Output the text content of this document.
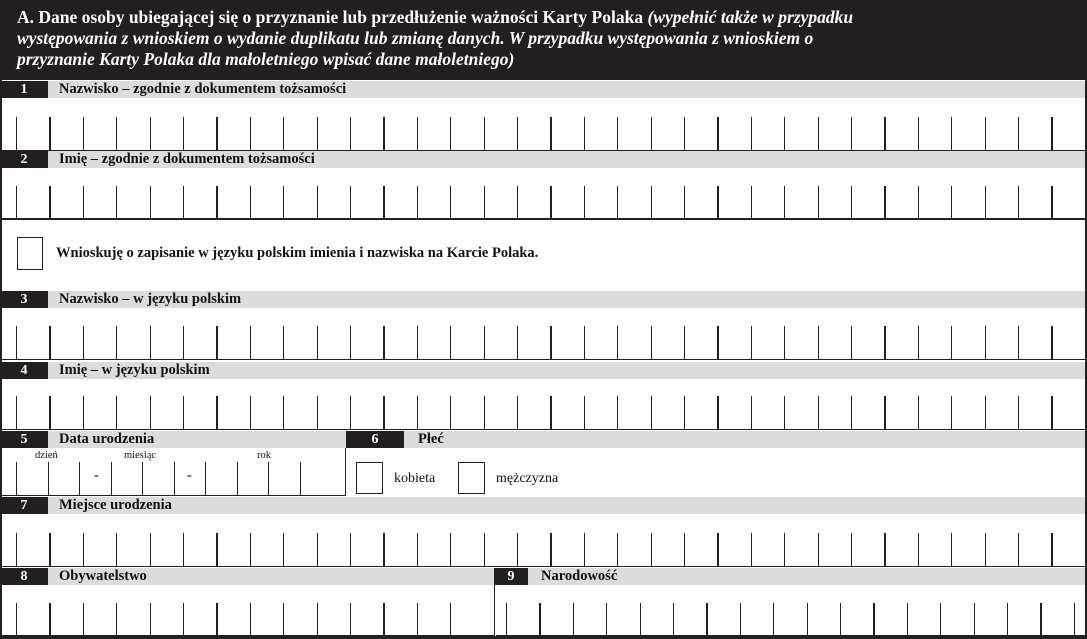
A. Dane osoby ubiegającej się o przyznanie lub przedłużenie ważności Karty Polaka (wypełnić także w przypadku
występowania z wnioskiem o wydanie duplikatu lub zmianę danych. W przypadku występowania z wnioskiem o
przyznanie Karty Polaka dla małoletniego wpisać dane małoletniego)
1	Nazwisko – zgodnie z dokumentem tożsamości
2	Imię – zgodnie z dokumentem tożsamości
Wnioskuję o zapisanie w języku polskim imienia i nazwiska na Karcie Polaka.
3	Nazwisko – w języku polskim
4	Imię – w języku polskim
5	Data urodzenia	6	Płeć
dzień	miesiąc	rok
-	-	kobieta	mężczyzna
7	Miejsce urodzenia
8	Obywatelstwo	9	Narodowość
